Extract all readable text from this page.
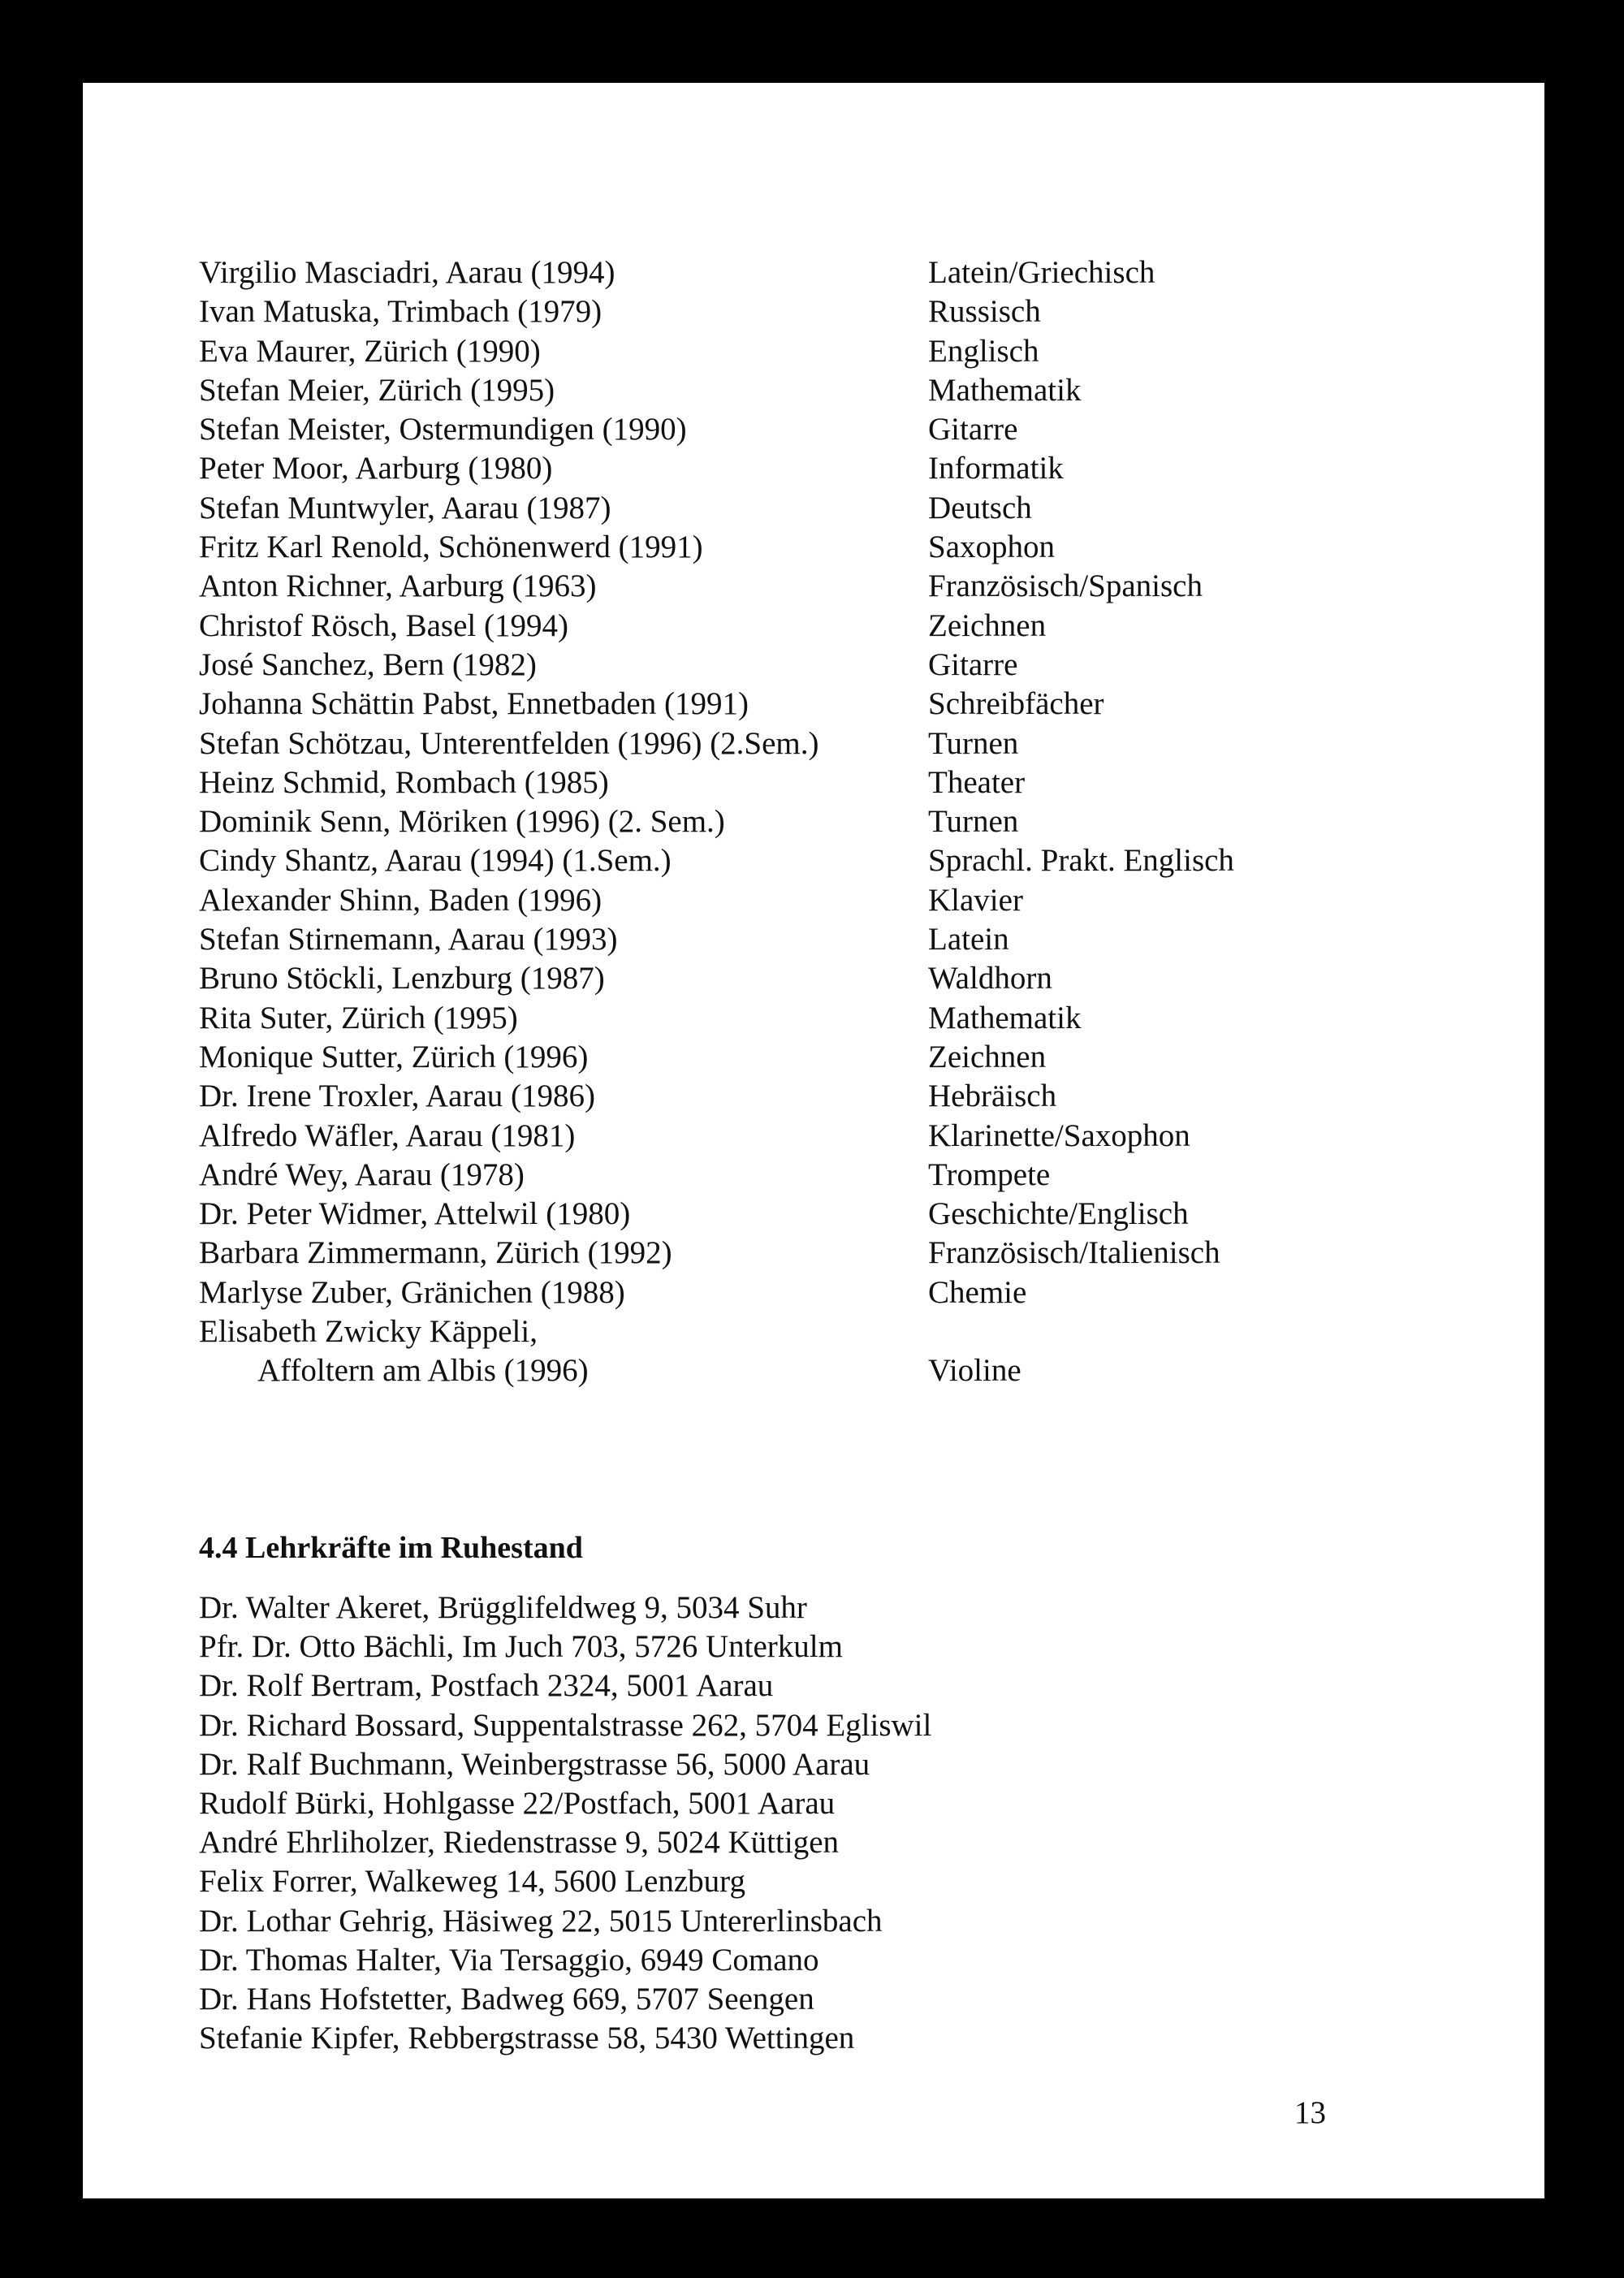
Virgilio Masciadri, Aarau (1994)	Latein/Griechisch
Ivan Matuska, Trimbach (1979)	Russisch
Eva Maurer, Zürich (1990)	Englisch
Stefan Meier, Zürich (1995)	Mathematik
Stefan Meister, Ostermundigen (1990)	Gitarre
Peter Moor, Aarburg (1980)	Informatik
Stefan Muntwyler, Aarau (1987)	Deutsch
Fritz Karl Renold, Schönenwerd (1991)	Saxophon
Anton Richner, Aarburg (1963)	Französisch/Spanisch
Christof Rösch, Basel (1994)	Zeichnen
José Sanchez, Bern (1982)	Gitarre
Johanna Schättin Pabst, Ennetbaden (1991)	Schreibfächer
Stefan Schötzau, Unterentfelden (1996) (2.Sem.)	Turnen
Heinz Schmid, Rombach (1985)	Theater
Dominik Senn, Möriken (1996) (2. Sem.)	Turnen
Cindy Shantz, Aarau (1994) (1.Sem.)	Sprachl. Prakt. Englisch
Alexander Shinn, Baden (1996)	Klavier
Stefan Stirnemann, Aarau (1993)	Latein
Bruno Stöckli, Lenzburg (1987)	Waldhorn
Rita Suter, Zürich (1995)	Mathematik
Monique Sutter, Zürich (1996)	Zeichnen
Dr. Irene Troxler, Aarau (1986)	Hebräisch
Alfredo Wäfler, Aarau (1981)	Klarinette/Saxophon
André Wey, Aarau (1978)	Trompete
Dr. Peter Widmer, Attelwil (1980)	Geschichte/Englisch
Barbara Zimmermann, Zürich (1992)	Französisch/Italienisch
Marlyse Zuber, Gränichen (1988)	Chemie
Elisabeth Zwicky Käppeli,
Affoltern am Albis (1996)	Violine
4.4 Lehrkräfte im Ruhestand
Dr. Walter Akeret, Brügglifeldweg 9, 5034 Suhr
Pfr. Dr. Otto Bächli, Im Juch 703, 5726 Unterkulm
Dr. Rolf Bertram, Postfach 2324, 5001 Aarau
Dr. Richard Bossard, Suppentalstrasse 262, 5704 Egliswil
Dr. Ralf Buchmann, Weinbergstrasse 56, 5000 Aarau
Rudolf Bürki, Hohlgasse 22/Postfach, 5001 Aarau
André Ehrliholzer, Riedenstrasse 9, 5024 Küttigen
Felix Forrer, Walkeweg 14, 5600 Lenzburg
Dr. Lothar Gehrig, Häsiweg 22, 5015 Untererlinsbach
Dr. Thomas Halter, Via Tersaggio, 6949 Comano
Dr. Hans Hofstetter, Badweg 669, 5707 Seengen
Stefanie Kipfer, Rebbergstrasse 58, 5430 Wettingen
13
